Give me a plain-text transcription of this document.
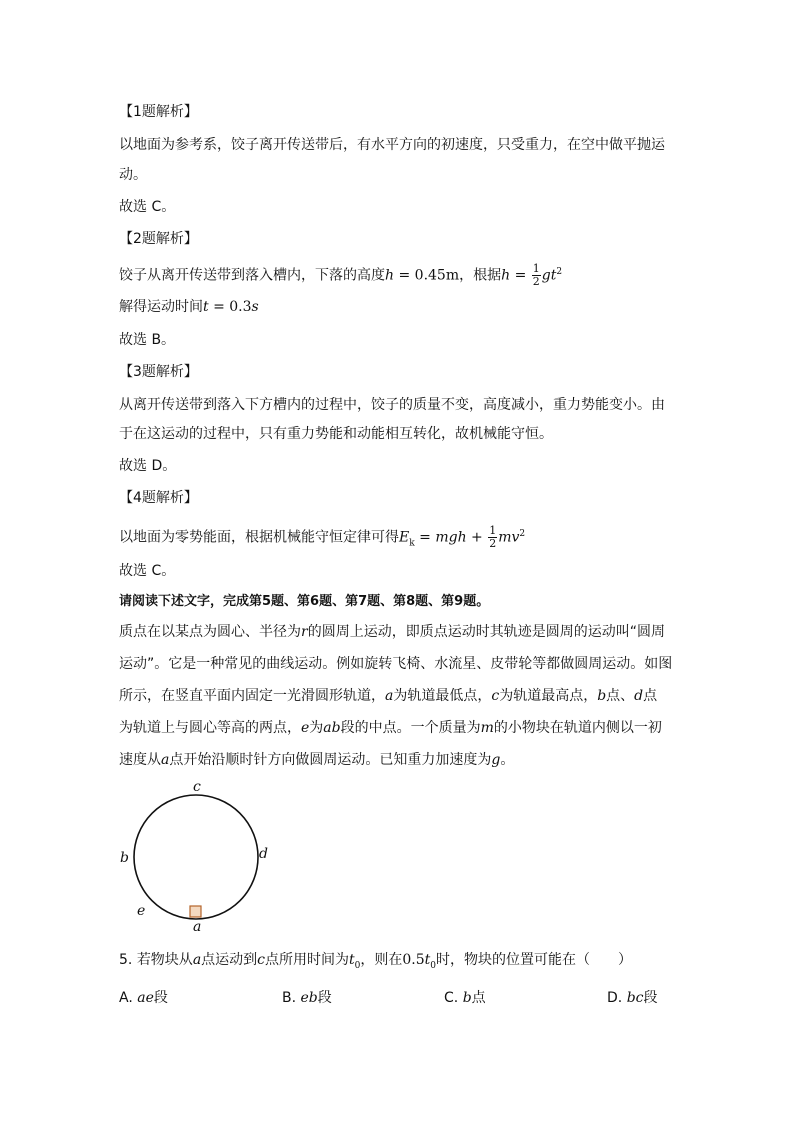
【1题解析】
以地面为参考系，饺子离开传送带后，有水平方向的初速度，只受重力，在空中做平抛运
动。
故选 C。
【2题解析】
饺子从离开传送带到落入槽内，下落的高度h = 0.45m，根据$h = \frac{1}{2} gt^2$
解得运动时间t = 0.3s
故选 B。
【3题解析】
从离开传送带到落入下方槽内的过程中，饺子的质量不变，高度减小，重力势能变小。由
于在这运动的过程中，只有重力势能和动能相互转化，故机械能守恒。
故选 D。
【4题解析】
以地面为零势能面，根据机械能守恒定律可得$E_k$ = mgh + $\frac{1}{2} mv^2$
故选 C。
请阅读下述文字，完成第5题、第6题、第7题、第8题、第9题。
质点在以某点为圆心、半径为r的圆周上运动，即质点运动时其轨迹是圆周的运动叫“圆周
运动”。它是一种常见的曲线运动。例如旋转飞椅、水流星、皮带轮等都做圆周运动。如图
所示，在竖直平面内固定一光滑圆形轨道，a为轨道最低点，c为轨道最高点，b点、d点
为轨道上与圆心等高的两点，e为ab段的中点。一个质量为m的小物块在轨道内侧以一初
速度从a点开始沿顺时针方向做圆周运动。已知重力加速度为g。
c
b	d
e
a
5. 若物块从a点运动到c点所用时间为$t_0$，则在$0.5t_0$时，物块的位置可能在（　　）
A. ae段	B. eb段	C. b点	D. bc段
